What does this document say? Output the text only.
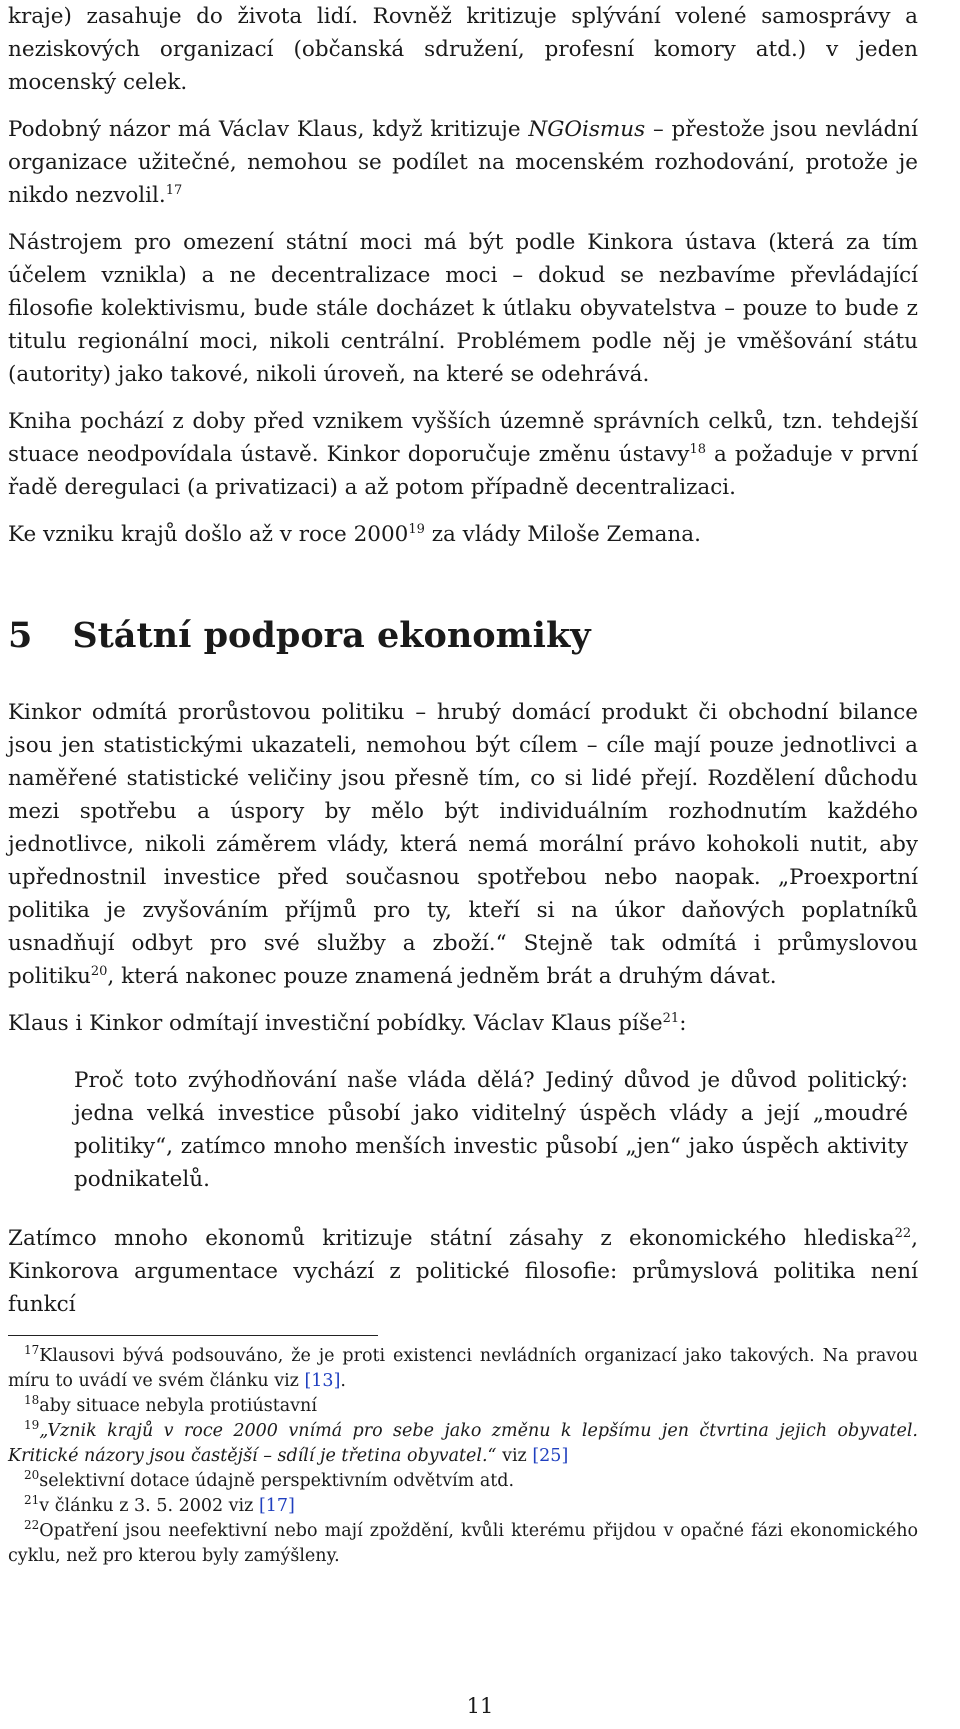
kraje) zasahuje do života lidí. Rovněž kritizuje splývání volené samosprávy a neziskových organizací (občanská sdružení, profesní komory atd.) v jeden mocenský celek.

Podobný názor má Václav Klaus, když kritizuje NGOismus – přestože jsou nevládní organizace užitečné, nemohou se podílet na mocenském rozhodování, protože je nikdo nezvolil.$^{17}$

Nástrojem pro omezení státní moci má být podle Kinkora ústava (která za tím účelem vznikla) a ne decentralizace moci – dokud se nezbavíme převládající filosofie kolektivismu, bude stále docházet k útlaku obyvatelstva – pouze to bude z titulu regionální moci, nikoli centrální. Problémem podle něj je vměšování státu (autority) jako takové, nikoli úroveň, na které se odehrává.

Kniha pochází z doby před vznikem vyšších územně správních celků, tzn. tehdejší stuace neodpovídala ústavě. Kinkor doporučuje změnu ústavy$^{18}$ a požaduje v první řadě deregulaci (a privatizaci) a až potom případně decentralizaci.

Ke vzniku krajů došlo až v roce 2000$^{19}$ za vlády Miloše Zemana.

5 Státní podpora ekonomiky

Kinkor odmítá prorůstovou politiku – hrubý domácí produkt či obchodní bilance jsou jen statistickými ukazateli, nemohou být cílem – cíle mají pouze jednotlivci a naměřené statistické veličiny jsou přesně tím, co si lidé přejí. Rozdělení důchodu mezi spotřebu a úspory by mělo být individuálním rozhodnutím každého jednotlivce, nikoli záměrem vlády, která nemá morální právo kohokoli nutit, aby upřednostnil investice před současnou spotřebou nebo naopak. „Proexportní politika je zvyšováním příjmů pro ty, kteří si na úkor daňových poplatníků usnadňují odbyt pro své služby a zboží.“ Stejně tak odmítá i průmyslovou politiku$^{20}$, která nakonec pouze znamená jedněm brát a druhým dávat.

Klaus i Kinkor odmítají investiční pobídky. Václav Klaus píše$^{21}$:

Proč toto zvýhodňování naše vláda dělá? Jediný důvod je důvod politický: jedna velká investice působí jako viditelný úspěch vlády a její „moudré politiky“, zatímco mnoho menších investic působí „jen“ jako úspěch aktivity podnikatelů.

Zatímco mnoho ekonomů kritizuje státní zásahy z ekonomického hlediska$^{22}$, Kinkorova argumentace vychází z politické filosofie: průmyslová politika není funkcí

$^{17}$Klausovi bývá podsouváno, že je proti existenci nevládních organizací jako takových. Na pravou míru to uvádí ve svém článku viz [13].

$^{18}$aby situace nebyla protiústavní

$^{19}$„Vznik krajů v roce 2000 vnímá pro sebe jako změnu k lepšímu jen čtvrtina jejich obyvatel. Kritické názory jsou častější – sdílí je třetina obyvatel.“ viz [25]

$^{20}$selektivní dotace údajně perspektivním odvětvím atd.

$^{21}$v článku z 3. 5. 2002 viz [17]

$^{22}$Opatření jsou neefektivní nebo mají zpoždění, kvůli kterému přijdou v opačné fázi ekonomického cyklu, než pro kterou byly zamýšleny.

11
